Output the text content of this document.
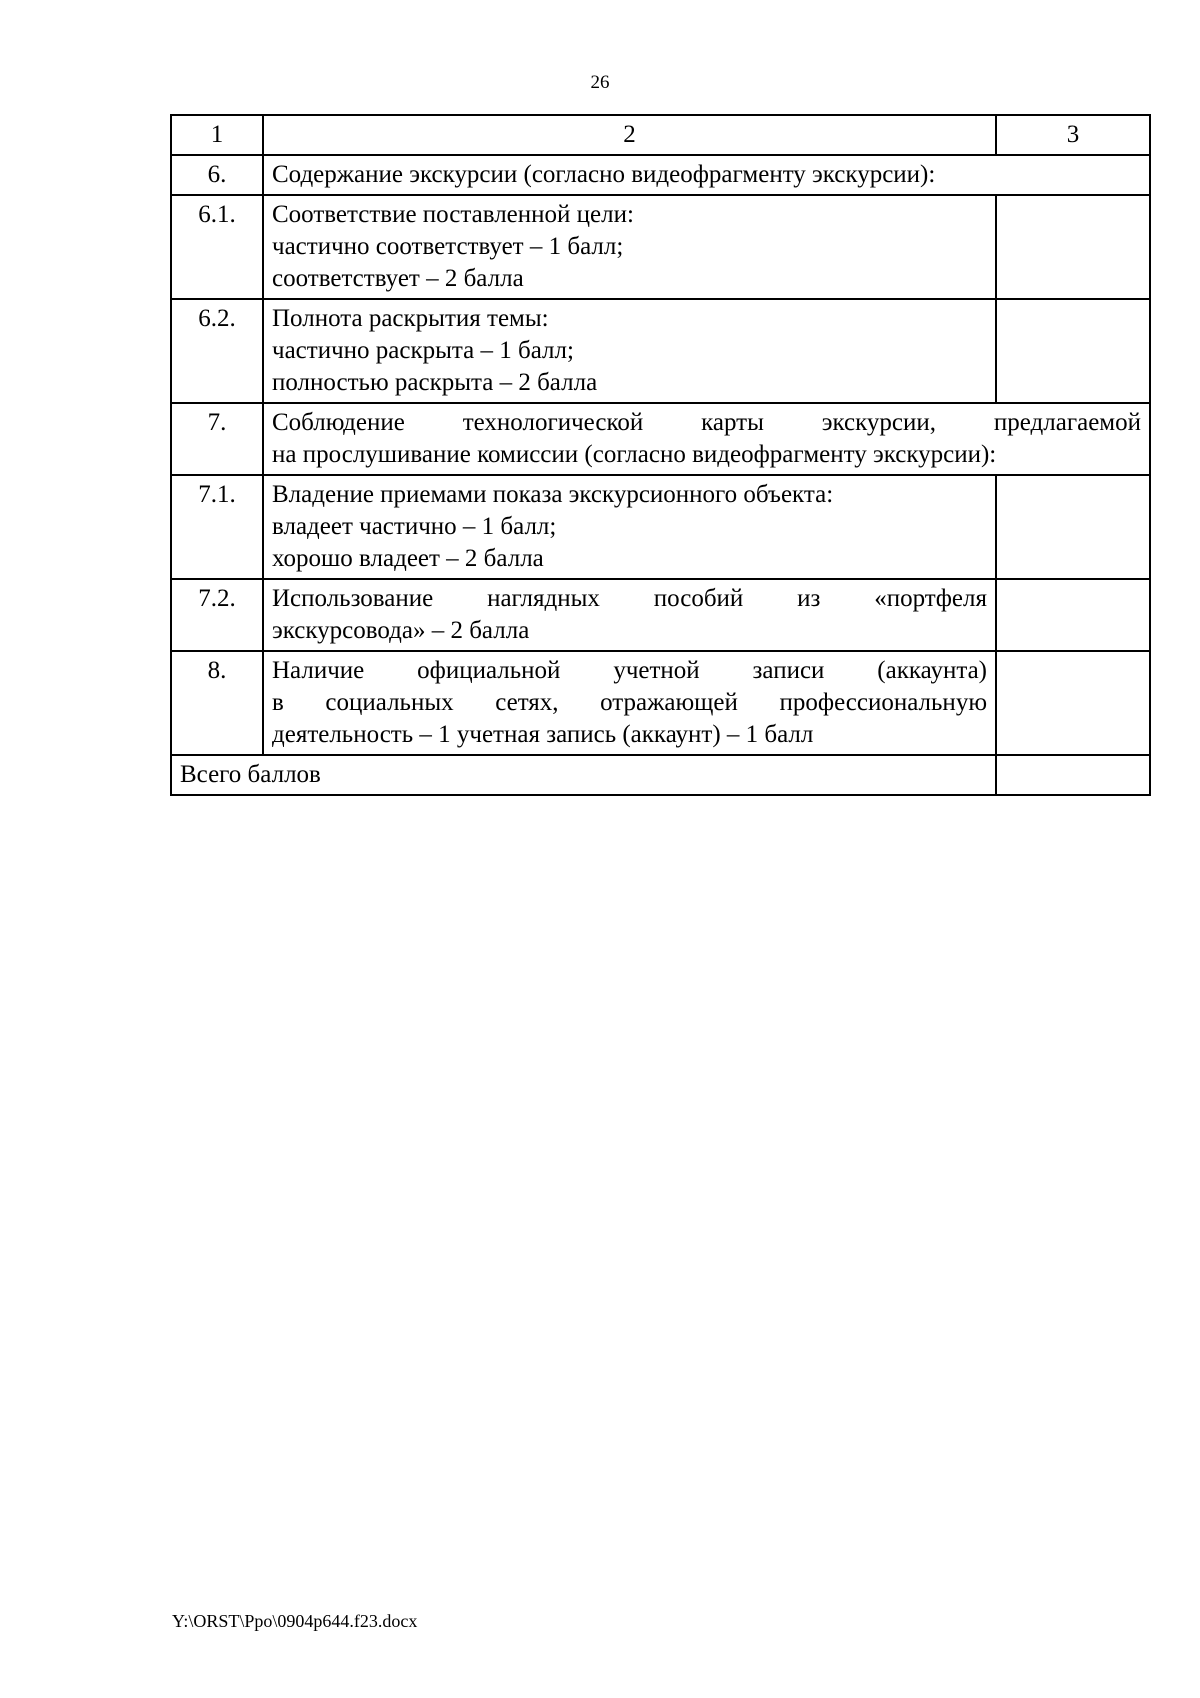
26
1	2	3
6.	Содержание экскурсии (согласно видеофрагменту экскурсии):	
6.1.	Соответствие поставленной цели:
частично соответствует – 1 балл;
соответствует – 2 балла	

6.2.	Полнота раскрытия темы:
частично раскрыта – 1 балл;
полностью раскрыта – 2 балла	

7.	Соблюдение технологической карты экскурсии, предлагаемой
на прослушивание комиссии (согласно видеофрагменту экскурсии):	

7.1.	Владение приемами показа экскурсионного объекта:
владеет частично – 1 балл;
хорошо владеет – 2 балла	

7.2.	Использование наглядных пособий из «портфеля
экскурсовода» – 2 балла	

8.	Наличие официальной учетной записи (аккаунта)
в социальных сетях, отражающей профессиональную
деятельность – 1 учетная запись (аккаунт) – 1 балл	

Всего баллов		
Y:\ORST\Ppo\0904p644.f23.docx
